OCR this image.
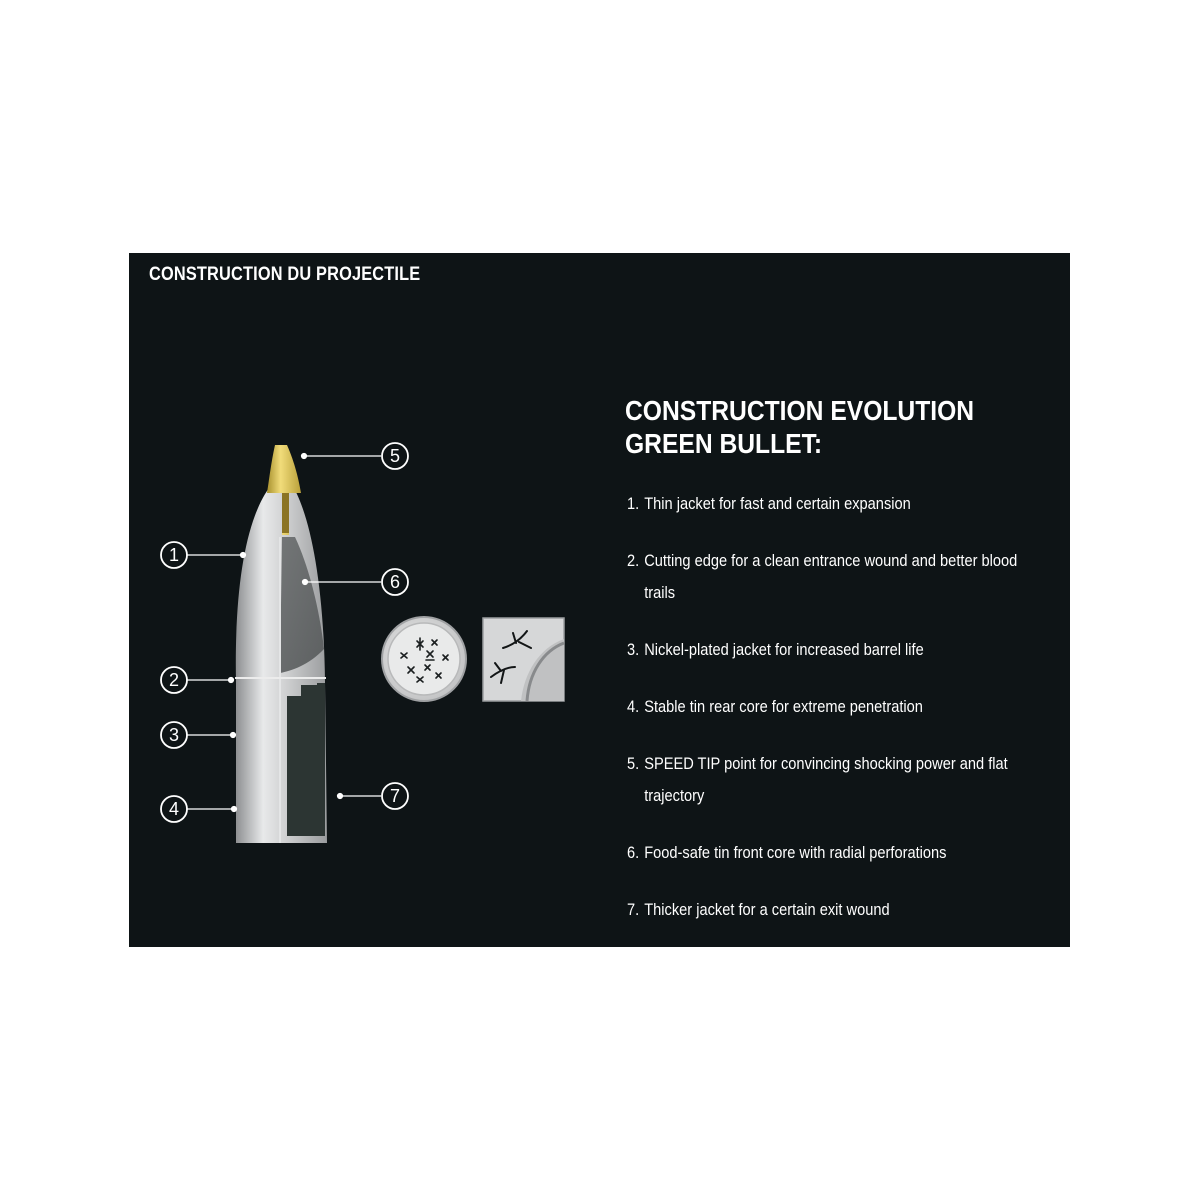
CONSTRUCTION DU PROJECTILE
1
2
3
4
5
6
7
CONSTRUCTION EVOLUTION GREEN BULLET:
1. Thin jacket for fast and certain expansion
2. Cutting edge for a clean entrance wound and better blood trails
3. Nickel-plated jacket for increased barrel life
4. Stable tin rear core for extreme penetration
5. SPEED TIP point for convincing shocking power and flat trajectory
6. Food-safe tin front core with radial perforations
7. Thicker jacket for a certain exit wound
